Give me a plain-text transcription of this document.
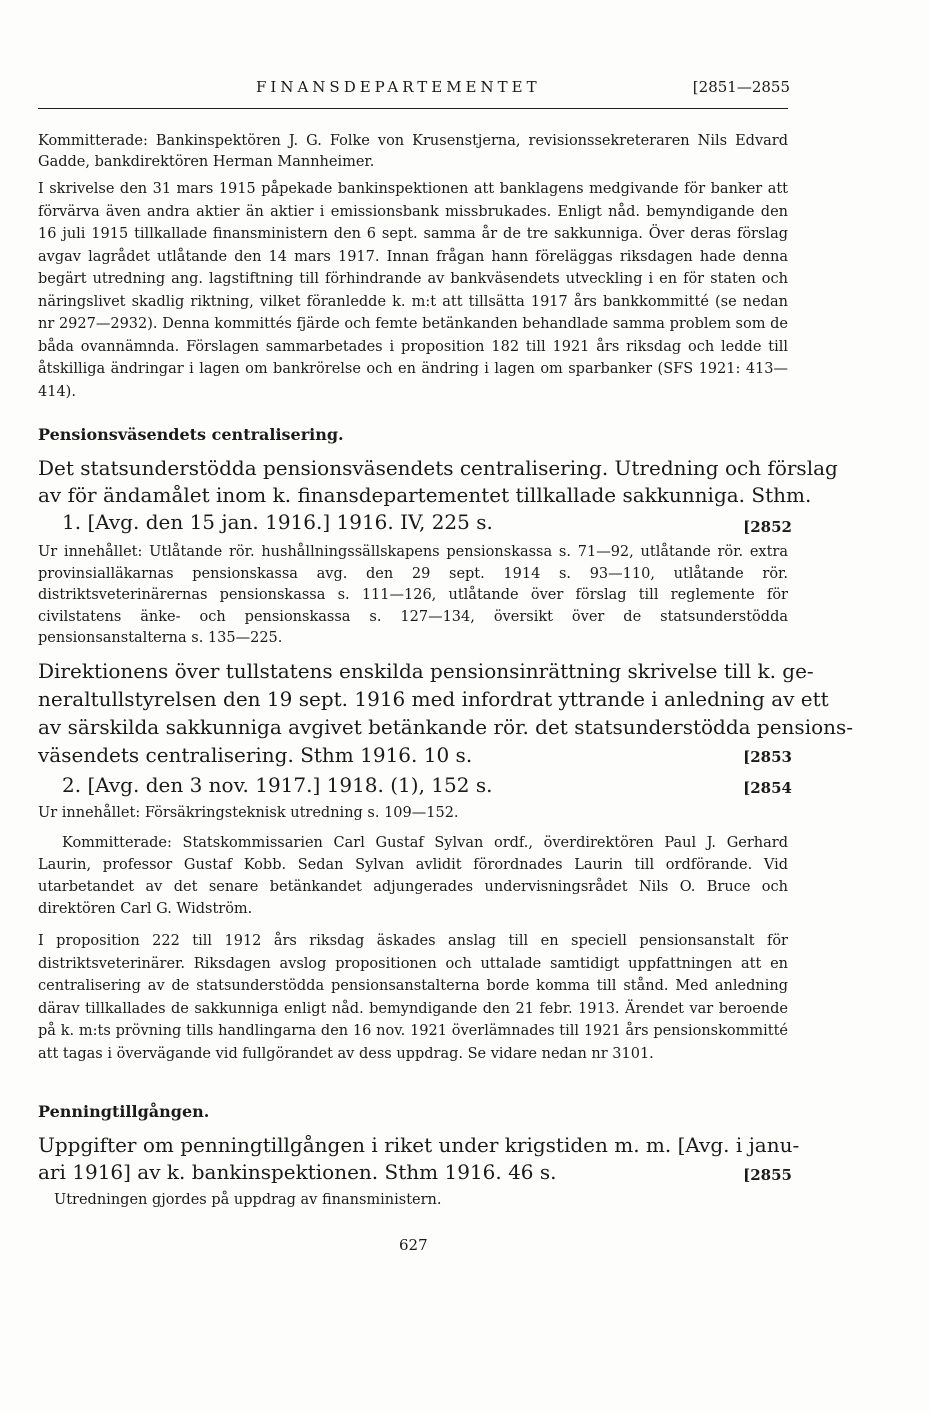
FINANSDEPARTEMENTET	[2851—2855

Kommitterade: Bankinspektören J. G. Folke von Krusenstjerna, revisionssekreteraren Nils Edvard Gadde, bankdirektören Herman Mannheimer.

I skrivelse den 31 mars 1915 påpekade bankinspektionen att banklagens medgivande för banker att förvärva även andra aktier än aktier i emissionsbank missbrukades. Enligt nåd. bemyndigande den 16 juli 1915 tillkallade finansministern den 6 sept. samma år de tre sakkunniga. Över deras förslag avgav lagrådet utlåtande den 14 mars 1917. Innan frågan hann föreläggas riksdagen hade denna begärt utredning ang. lagstiftning till förhindrande av bankväsendets utveckling i en för staten och näringslivet skadlig riktning, vilket föranledde k. m:t att tillsätta 1917 års bankkommitté (se nedan nr 2927—2932). Denna kommittés fjärde och femte betänkanden behandlade samma problem som de båda ovannämnda. Förslagen sammarbetades i proposition 182 till 1921 års riksdag och ledde till åtskilliga ändringar i lagen om bankrörelse och en ändring i lagen om sparbanker (SFS 1921: 413—414).

Pensionsväsendets centralisering.
Det statsunderstödda pensionsväsendets centralisering. Utredning och förslag
av för ändamålet inom k. finansdepartementet tillkallade sakkunniga. Sthm.
1. [Avg. den 15 jan. 1916.] 1916. IV, 225 s.	[2852

Ur innehållet: Utlåtande rör. hushållningssällskapens pensionskassa s. 71—92, utlåtande rör. extra provinsialläkarnas pensionskassa avg. den 29 sept. 1914 s. 93—110, utlåtande rör. distriktsveterinärernas pensionskassa s. 111—126, utlåtande över förslag till reglemente för civilstatens änke- och pensionskassa s. 127—134, översikt över de statsunderstödda pensionsanstalterna s. 135—225.

Direktionens över tullstatens enskilda pensionsinrättning skrivelse till k. ge-
neraltullstyrelsen den 19 sept. 1916 med infordrat yttrande i anledning av ett
av särskilda sakkunniga avgivet betänkande rör. det statsunderstödda pensions-
väsendets centralisering. Sthm 1916. 10 s.	[2853
2. [Avg. den 3 nov. 1917.] 1918. (1), 152 s.	[2854

Ur innehållet: Försäkringsteknisk utredning s. 109—152.

Kommitterade: Statskommissarien Carl Gustaf Sylvan ordf., överdirektören Paul J. Gerhard Laurin, professor Gustaf Kobb. Sedan Sylvan avlidit förordnades Laurin till ordförande. Vid utarbetandet av det senare betänkandet adjungerades undervisningsrådet Nils O. Bruce och direktören Carl G. Widström.

I proposition 222 till 1912 års riksdag äskades anslag till en speciell pensionsanstalt för distriktsveterinärer. Riksdagen avslog propositionen och uttalade samtidigt uppfattningen att en centralisering av de statsunderstödda pensionsanstalterna borde komma till stånd. Med anledning därav tillkallades de sakkunniga enligt nåd. bemyndigande den 21 febr. 1913. Ärendet var beroende på k. m:ts prövning tills handlingarna den 16 nov. 1921 överlämnades till 1921 års pensionskommitté att tagas i övervägande vid fullgörandet av dess uppdrag. Se vidare nedan nr 3101.

Penningtillgången.
Uppgifter om penningtillgången i riket under krigstiden m. m. [Avg. i janu-
ari 1916] av k. bankinspektionen. Sthm 1916. 46 s.	[2855

Utredningen gjordes på uppdrag av finansministern.

627
